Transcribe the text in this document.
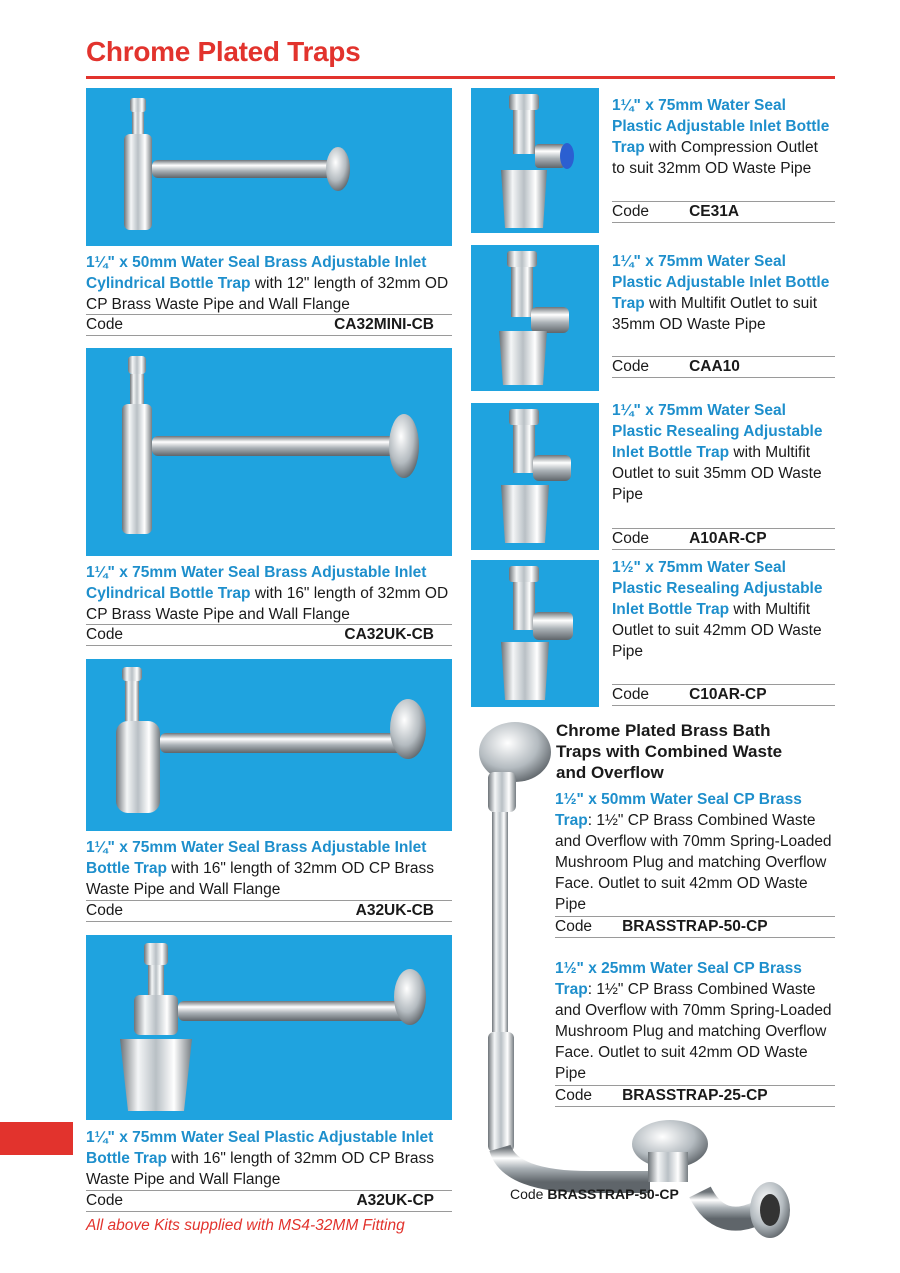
Chrome Plated Traps
1¼" x 50mm Water Seal Brass Adjustable Inlet Cylindrical Bottle Trap with 12" length of 32mm OD CP Brass Waste Pipe and Wall Flange
Code	CA32MINI-CB
1¼" x 75mm Water Seal Brass Adjustable Inlet Cylindrical Bottle Trap with 16" length of 32mm OD CP Brass Waste Pipe and Wall Flange
Code	CA32UK-CB
1¼" x 75mm Water Seal Brass Adjustable Inlet Bottle Trap with 16" length of 32mm OD CP Brass Waste Pipe and Wall Flange
Code	A32UK-CB
1¼" x 75mm Water Seal Plastic Adjustable Inlet Bottle Trap with 16" length of 32mm OD CP Brass Waste Pipe and Wall Flange
Code	A32UK-CP
All above Kits supplied with MS4-32MM Fitting
1¼" x 75mm Water Seal Plastic Adjustable Inlet Bottle Trap with Compression Outlet to suit 32mm OD Waste Pipe
Code	CE31A
1¼" x 75mm Water Seal Plastic Adjustable Inlet Bottle Trap with Multifit Outlet to suit 35mm OD Waste Pipe
Code	CAA10
1¼" x 75mm Water Seal Plastic Resealing Adjustable Inlet Bottle Trap with Multifit Outlet to suit 35mm OD Waste Pipe
Code	A10AR-CP
1½" x 75mm Water Seal Plastic Resealing Adjustable Inlet Bottle Trap with Multifit Outlet to suit 42mm OD Waste Pipe
Code	C10AR-CP
Chrome Plated Brass Bath Traps with Combined Waste and Overflow
1½" x 50mm Water Seal CP Brass Trap: 1½" CP Brass Combined Waste and Overflow with 70mm Spring-Loaded Mushroom Plug and matching Overflow Face. Outlet to suit 42mm OD Waste Pipe
Code BRASSTRAP-50-CP
1½" x 25mm Water Seal CP Brass Trap: 1½" CP Brass Combined Waste and Overflow with 70mm Spring-Loaded Mushroom Plug and matching Overflow Face. Outlet to suit 42mm OD Waste Pipe
Code BRASSTRAP-25-CP
Code BRASSTRAP-50-CP
